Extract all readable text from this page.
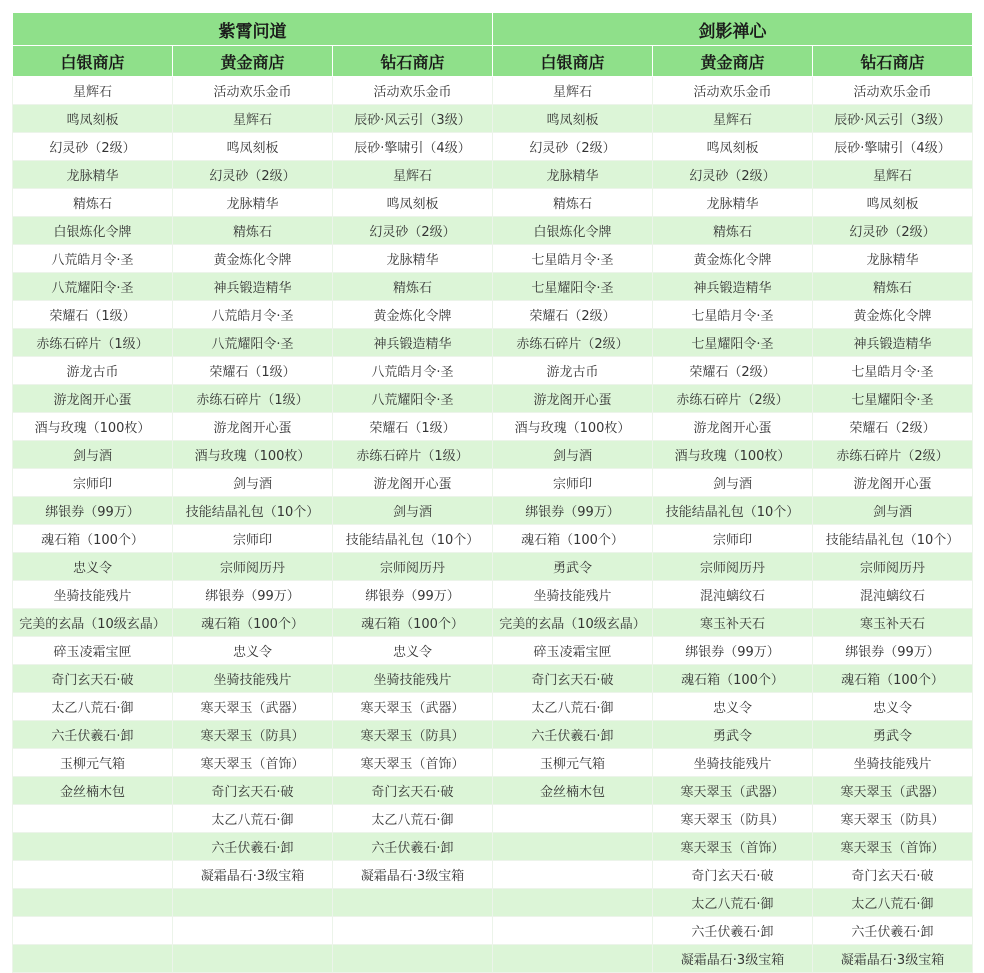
紫霄问道			剑影禅心		
白银商店	黄金商店	钻石商店	白银商店	黄金商店	钻石商店
星辉石	活动欢乐金币	活动欢乐金币	星辉石	活动欢乐金币	活动欢乐金币
鸣凤刻板	星辉石	辰砂·风云引（3级）	鸣凤刻板	星辉石	辰砂·风云引（3级）
幻灵砂（2级）	鸣凤刻板	辰砂·擎啸引（4级）	幻灵砂（2级）	鸣凤刻板	辰砂·擎啸引（4级）
龙脉精华	幻灵砂（2级）	星辉石	龙脉精华	幻灵砂（2级）	星辉石
精炼石	龙脉精华	鸣凤刻板	精炼石	龙脉精华	鸣凤刻板
白银炼化令牌	精炼石	幻灵砂（2级）	白银炼化令牌	精炼石	幻灵砂（2级）
八荒皓月令·圣	黄金炼化令牌	龙脉精华	七星皓月令·圣	黄金炼化令牌	龙脉精华
八荒耀阳令·圣	神兵锻造精华	精炼石	七星耀阳令·圣	神兵锻造精华	精炼石
荣耀石（1级）	八荒皓月令·圣	黄金炼化令牌	荣耀石（2级）	七星皓月令·圣	黄金炼化令牌
赤练石碎片（1级）	八荒耀阳令·圣	神兵锻造精华	赤练石碎片（2级）	七星耀阳令·圣	神兵锻造精华
游龙古币	荣耀石（1级）	八荒皓月令·圣	游龙古币	荣耀石（2级）	七星皓月令·圣
游龙阁开心蛋	赤练石碎片（1级）	八荒耀阳令·圣	游龙阁开心蛋	赤练石碎片（2级）	七星耀阳令·圣
酒与玫瑰（100枚）	游龙阁开心蛋	荣耀石（1级）	酒与玫瑰（100枚）	游龙阁开心蛋	荣耀石（2级）
剑与酒	酒与玫瑰（100枚）	赤练石碎片（1级）	剑与酒	酒与玫瑰（100枚）	赤练石碎片（2级）
宗师印	剑与酒	游龙阁开心蛋	宗师印	剑与酒	游龙阁开心蛋
绑银券（99万）	技能结晶礼包（10个）	剑与酒	绑银券（99万）	技能结晶礼包（10个）	剑与酒
魂石箱（100个）	宗师印	技能结晶礼包（10个）	魂石箱（100个）	宗师印	技能结晶礼包（10个）
忠义令	宗师阅历丹	宗师阅历丹	勇武令	宗师阅历丹	宗师阅历丹
坐骑技能残片	绑银券（99万）	绑银券（99万）	坐骑技能残片	混沌螭纹石	混沌螭纹石
完美的玄晶（10级玄晶）	魂石箱（100个）	魂石箱（100个）	完美的玄晶（10级玄晶）	寒玉补天石	寒玉补天石
碎玉凌霜宝匣	忠义令	忠义令	碎玉凌霜宝匣	绑银券（99万）	绑银券（99万）
奇门玄天石·破	坐骑技能残片	坐骑技能残片	奇门玄天石·破	魂石箱（100个）	魂石箱（100个）
太乙八荒石·御	寒天翠玉（武器）	寒天翠玉（武器）	太乙八荒石·御	忠义令	忠义令
六壬伏羲石·卸	寒天翠玉（防具）	寒天翠玉（防具）	六壬伏羲石·卸	勇武令	勇武令
玉柳元气箱	寒天翠玉（首饰）	寒天翠玉（首饰）	玉柳元气箱	坐骑技能残片	坐骑技能残片
金丝楠木包	奇门玄天石·破	奇门玄天石·破	金丝楠木包	寒天翠玉（武器）	寒天翠玉（武器）
	太乙八荒石·御	太乙八荒石·御		寒天翠玉（防具）	寒天翠玉（防具）
	六壬伏羲石·卸	六壬伏羲石·卸		寒天翠玉（首饰）	寒天翠玉（首饰）
	凝霜晶石·3级宝箱	凝霜晶石·3级宝箱		奇门玄天石·破	奇门玄天石·破
				太乙八荒石·御	太乙八荒石·御
				六壬伏羲石·卸	六壬伏羲石·卸
				凝霜晶石·3级宝箱	凝霜晶石·3级宝箱
